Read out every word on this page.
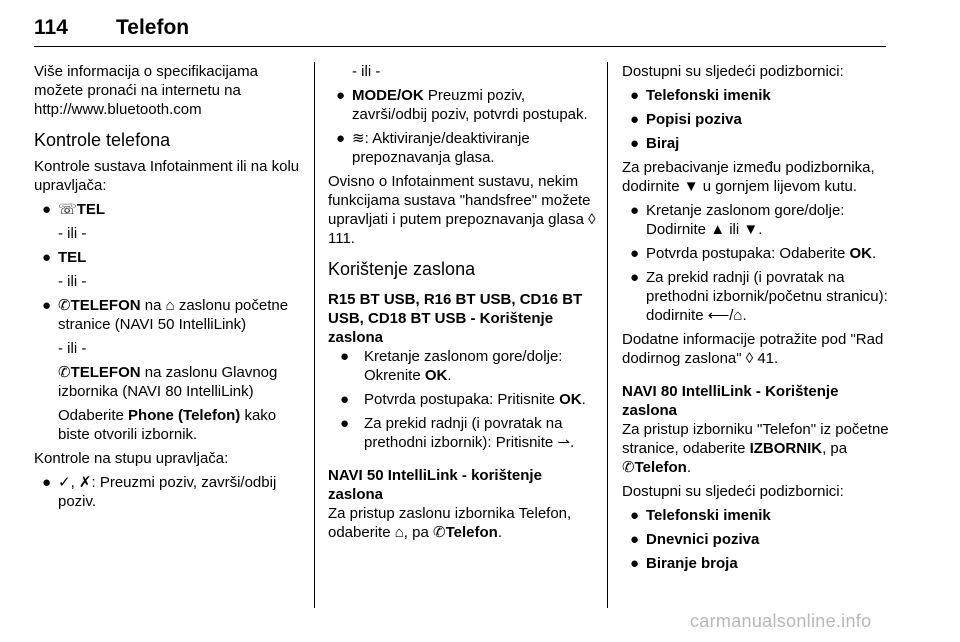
114 Telefon

Više informacija o specifikacijama možete pronaći na internetu na http://www.bluetooth.com

Kontrole telefona

Kontrole sustava Infotainment ili na kolu upravljača:

● ☏TEL
- ili -
● TEL
- ili -
● ✆TELEFON na ⌂ zaslonu početne stranice (NAVI 50 IntelliLink)
- ili -
✆TELEFON na zaslonu Glavnog izbornika (NAVI 80 IntelliLink)
Odaberite Phone (Telefon) kako biste otvorili izbornik.

Kontrole na stupu upravljača:

● ✓, ✗: Preuzmi poziv, završi/odbij poziv.
- ili -
● MODE/OK Preuzmi poziv, završi/odbij poziv, potvrdi postupak.
● ≋: Aktiviranje/deaktiviranje prepoznavanja glasa.

Ovisno o Infotainment sustavu, nekim funkcijama sustava "handsfree" možete upravljati i putem prepoznavanja glasa ◊ 111.

Korištenje zaslona
R15 BT USB, R16 BT USB, CD16 BT USB, CD18 BT USB - Korištenje zaslona
● Kretanje zaslonom gore/dolje: Okrenite OK.
● Potvrda postupaka: Pritisnite OK.
● Za prekid radnji (i povratak na prethodni izbornik): Pritisnite ⇀.
NAVI 50 IntelliLink - korištenje zaslona

Za pristup zaslonu izbornika Telefon, odaberite ⌂, pa ✆Telefon.

Dostupni su sljedeći podizbornici:

● Telefonski imenik
● Popisi poziva
● Biraj

Za prebacivanje između podizbornika, dodirnite ▼ u gornjem lijevom kutu.

● Kretanje zaslonom gore/dolje: Dodirnite ▲ ili ▼.
● Potvrda postupaka: Odaberite OK.
● Za prekid radnji (i povratak na prethodni izbornik/početnu stranicu): dodirnite ⟵/⌂.

Dodatne informacije potražite pod "Rad dodirnog zaslona" ◊ 41.

NAVI 80 IntelliLink - Korištenje zaslona

Za pristup izborniku "Telefon" iz početne stranice, odaberite IZBORNIK, pa ✆Telefon.

Dostupni su sljedeći podizbornici:

● Telefonski imenik
● Dnevnici poziva
● Biranje broja
carmanualsonline.info
